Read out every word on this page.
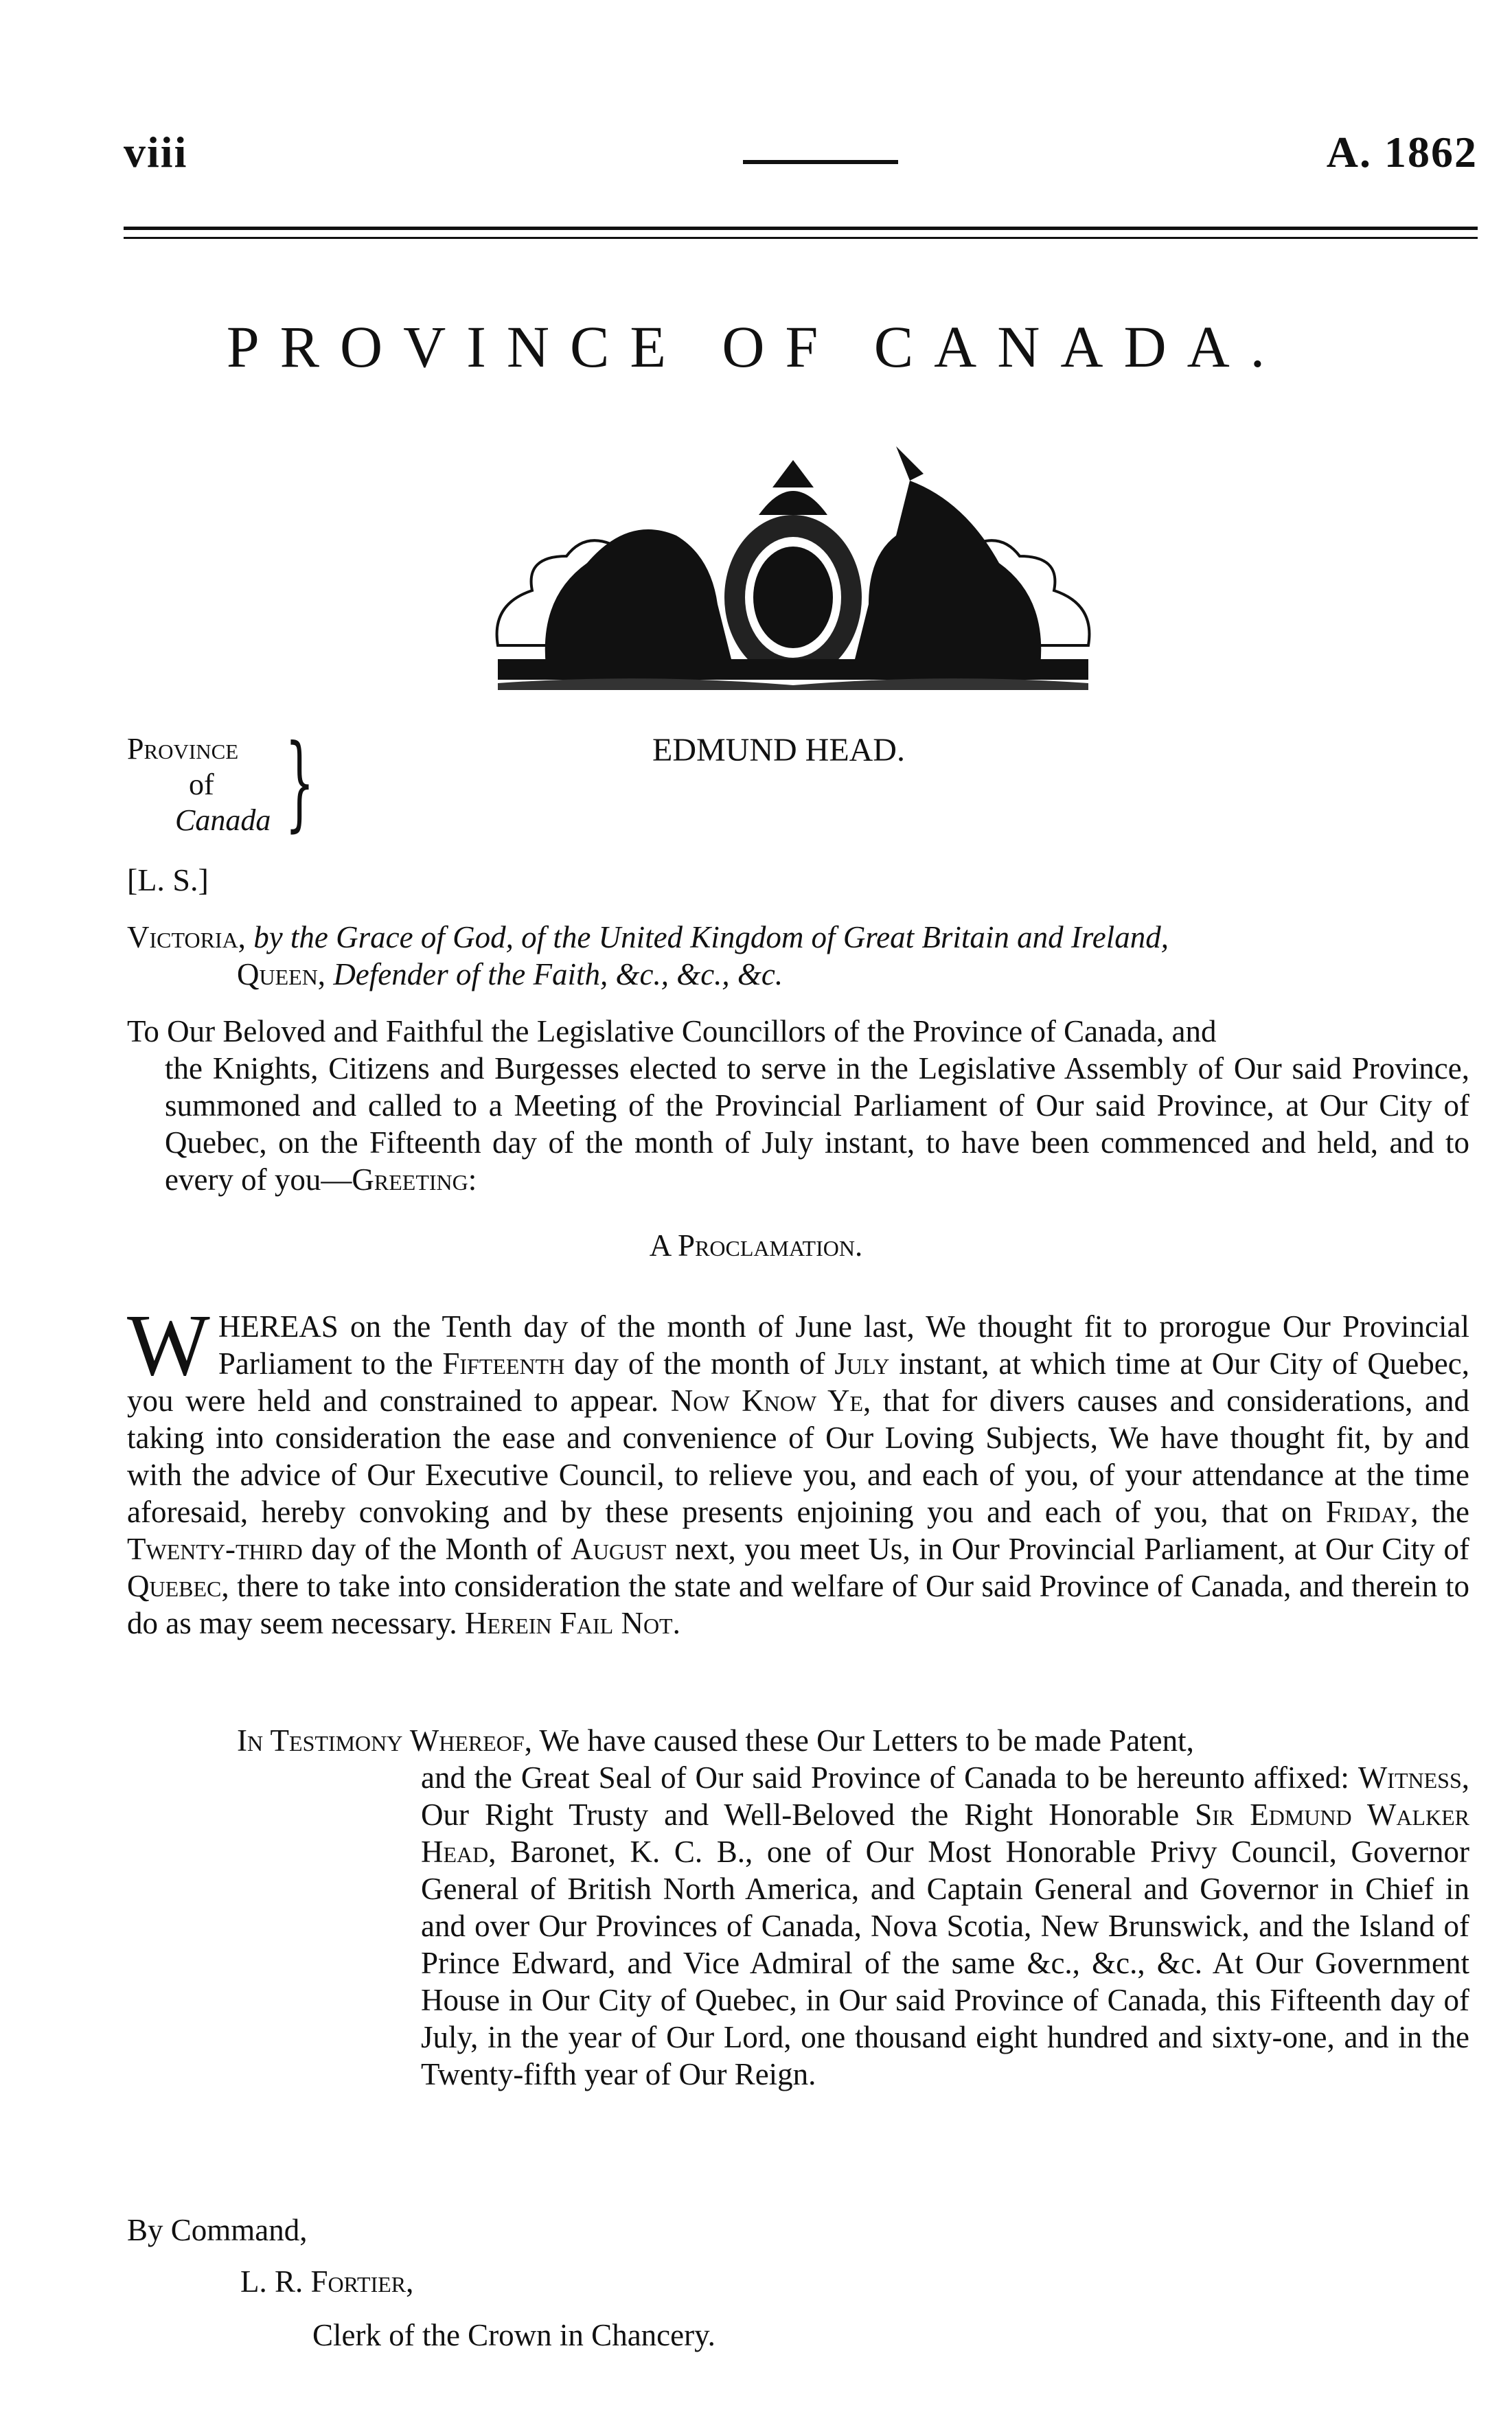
viii	A. 1862
PROVINCE OF CANADA.
Province
of
Canada }	EDMUND HEAD.
[L. S.]
Victoria, by the Grace of God, of the United Kingdom of Great Britain and Ireland,
Queen, Defender of the Faith, &c., &c., &c.
To Our Beloved and Faithful the Legislative Councillors of the Province of Canada, and
the Knights, Citizens and Burgesses elected to serve in the Legislative Assembly of Our said Province, summoned and called to a Meeting of the Provincial Parliament of Our said Province, at Our City of Quebec, on the Fifteenth day of the month of July instant, to have been commenced and held, and to every of you—Greeting:
A Proclamation.
WHEREAS on the Tenth day of the month of June last, We thought fit to prorogue Our Provincial Parliament to the Fifteenth day of the month of July instant, at which time at Our City of Quebec, you were held and constrained to appear. Now Know Ye, that for divers causes and considerations, and taking into consideration the ease and convenience of Our Loving Subjects, We have thought fit, by and with the advice of Our Executive Council, to relieve you, and each of you, of your attendance at the time aforesaid, hereby convoking and by these presents enjoining you and each of you, that on Friday, the Twenty-third day of the Month of August next, you meet Us, in Our Provincial Parliament, at Our City of Quebec, there to take into consideration the state and welfare of Our said Province of Canada, and therein to do as may seem necessary. Herein Fail Not.
In Testimony Whereof, We have caused these Our Letters to be made Patent,
and the Great Seal of Our said Province of Canada to be hereunto affixed: Witness, Our Right Trusty and Well-Beloved the Right Honorable Sir Edmund Walker Head, Baronet, K. C. B., one of Our Most Honorable Privy Council, Governor General of British North America, and Captain General and Governor in Chief in and over Our Provinces of Canada, Nova Scotia, New Brunswick, and the Island of Prince Edward, and Vice Admiral of the same &c., &c., &c. At Our Government House in Our City of Quebec, in Our said Province of Canada, this Fifteenth day of July, in the year of Our Lord, one thousand eight hundred and sixty-one, and in the Twenty-fifth year of Our Reign.
By Command,
L. R. Fortier,
Clerk of the Crown in Chancery.
